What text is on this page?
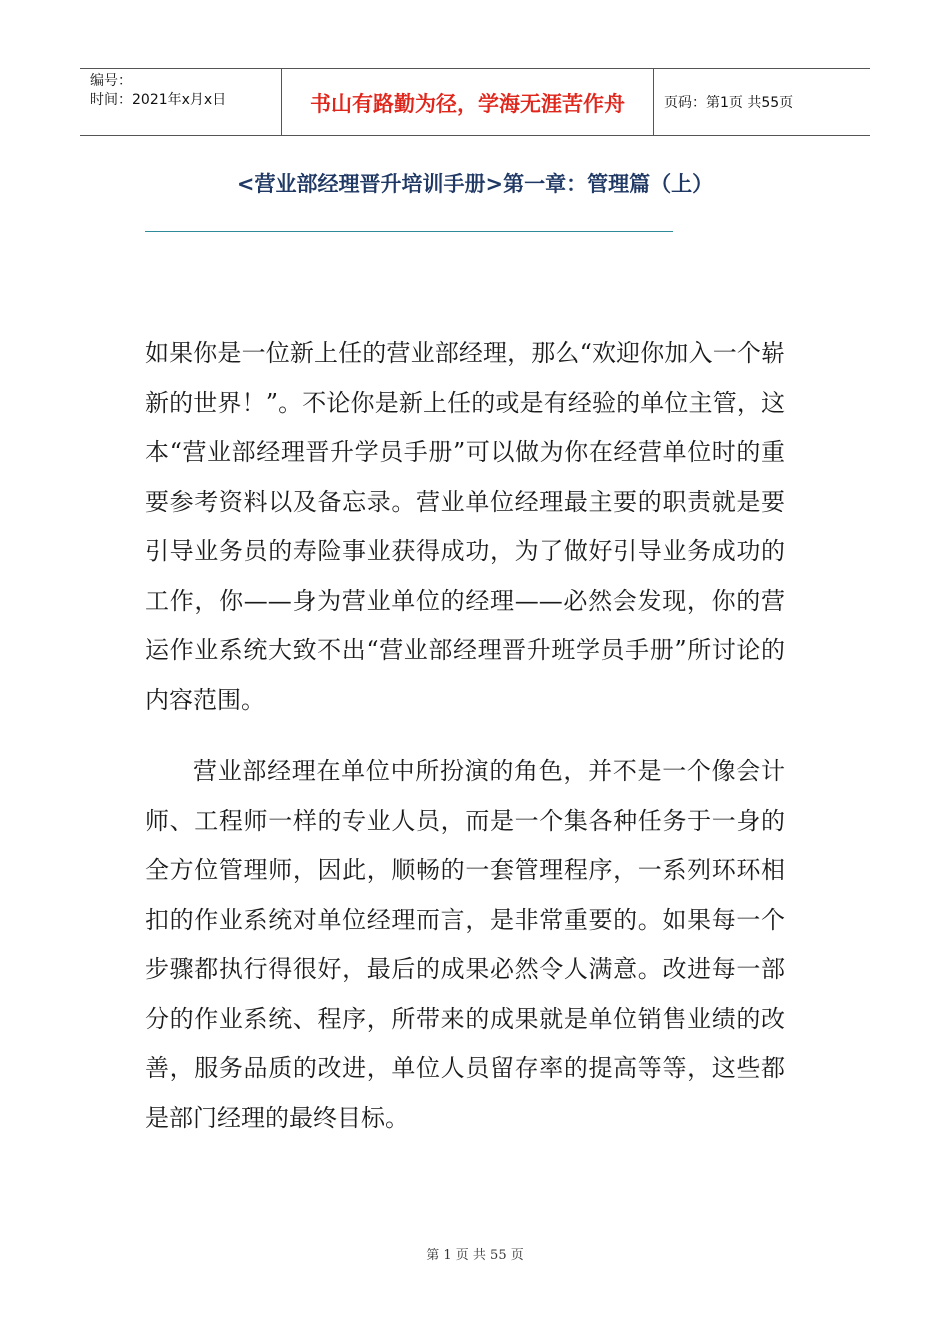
编号：
时间：2021年x月x日	书山有路勤为径，学海无涯苦作舟	页码：第1页 共55页
<营业部经理晋升培训手册>第一章：管理篇（上）

如果你是一位新上任的营业部经理，那么“欢迎你加入一个崭新的世界！”。不论你是新上任的或是有经验的单位主管，这本“营业部经理晋升学员手册”可以做为你在经营单位时的重要参考资料以及备忘录。营业单位经理最主要的职责就是要引导业务员的寿险事业获得成功，为了做好引导业务成功的工作，你——身为营业单位的经理——必然会发现，你的营运作业系统大致不出“营业部经理晋升班学员手册”所讨论的内容范围。

营业部经理在单位中所扮演的角色，并不是一个像会计师、工程师一样的专业人员，而是一个集各种任务于一身的全方位管理师，因此，顺畅的一套管理程序，一系列环环相扣的作业系统对单位经理而言，是非常重要的。如果每一个步骤都执行得很好，最后的成果必然令人满意。改进每一部分的作业系统、程序，所带来的成果就是单位销售业绩的改善，服务品质的改进，单位人员留存率的提高等等，这些都是部门经理的最终目标。

第 1 页 共 55 页
